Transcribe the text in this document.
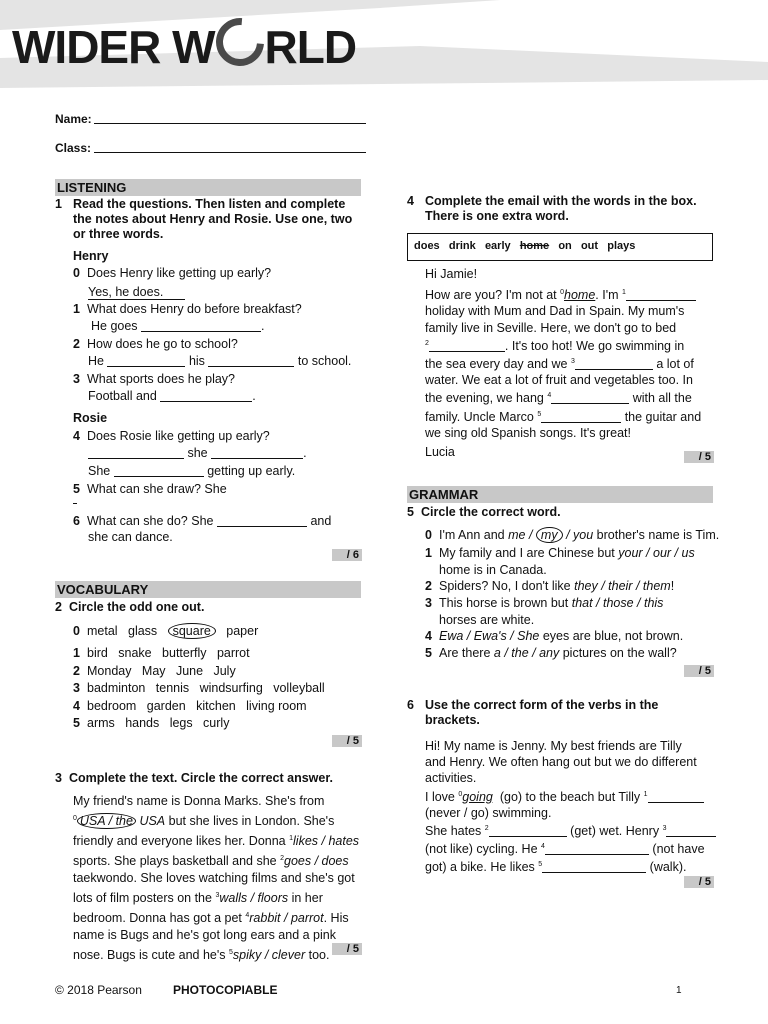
WIDER W RLD
Name:
Class:
LISTENING
1 Read the questions. Then listen and complete the notes about Henry and Rosie. Use one, two or three words.
Henry
0 Does Henry like getting up early?
Yes, he does.
1 What does Henry do before breakfast?
He goes	.
2 How does he go to school?
He	his	to school.
3 What sports does he play?
Football and	.
Rosie
4 Does Rosie like getting up early?
she	.
She	getting up early.
5 What can she draw? She
6 What can she do? She	and
she can dance.
/ 6
VOCABULARY
2 Circle the odd one out.
0 metal glass square paper
1 bird snake butterfly parrot
2 Monday May June July
3 badminton tennis windsurfing volleyball
4 bedroom garden kitchen living room
5 arms hands legs curly
/ 5
3 Complete the text. Circle the correct answer.
My friend's name is Donna Marks. She's from
$^0$ USA / the USA but she lives in London. She's
friendly and everyone likes her. Donna $^1$likes / hates
sports. She plays basketball and she $^2$goes / does
taekwondo. She loves watching films and she's got
lots of film posters on the $^3$walls / floors in her
bedroom. Donna has got a pet $^4$rabbit / parrot. His
name is Bugs and he's got long ears and a pink
nose. Bugs is cute and he's $^5$spiky / clever too.	/ 5
4 Complete the email with the words in the box. There is one extra word.
does drink early home on out plays
Hi Jamie!
How are you? I'm not at $^0$home. I'm $^1$
holiday with Mum and Dad in Spain. My mum's
family live in Seville. Here, we don't go to bed
$^2$	. It's too hot! We go swimming in
the sea every day and we $^3$	a lot of
water. We eat a lot of fruit and vegetables too. In
the evening, we hang $^4$	with all the
family. Uncle Marco $^5$	the guitar and
we sing old Spanish songs. It's great!
Lucia	/ 5
GRAMMAR
5 Circle the correct word.
0 I'm Ann and me / my / you brother's name is Tim.
1 My family and I are Chinese but your / our / us
home is in Canada.
2 Spiders? No, I don't like they / their / them!
3 This horse is brown but that / those / this
horses are white.
4 Ewa / Ewa's / She eyes are blue, not brown.
5 Are there a / the / any pictures on the wall?
/ 5
6 Use the correct form of the verbs in the brackets.
Hi! My name is Jenny. My best friends are Tilly
and Henry. We often hang out but we do different
activities.
I love $^0$going (go) to the beach but Tilly $^1$
(never / go) swimming.
She hates $^2$	(get) wet. Henry $^3$
(not like) cycling. He $^4$	(not have
got) a bike. He likes $^5$	(walk).
/ 5
© 2018 Pearson	PHOTOCOPIABLE	1
